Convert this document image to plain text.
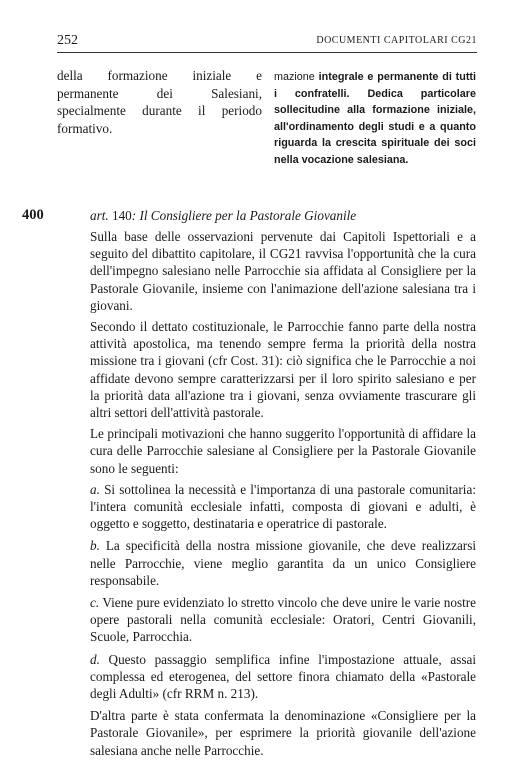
252	DOCUMENTI CAPITOLARI CG21
della formazione iniziale e permanente dei Salesiani, specialmente durante il periodo formativo.
mazione integrale e permanente di tutti i confratelli. Dedica particolare sollecitudine alla formazione iniziale, all'ordinamento degli studi e a quanto riguarda la crescita spirituale dei soci nella vocazione salesiana.
400	art. 140: Il Consigliere per la Pastorale Giovanile

Sulla base delle osservazioni pervenute dai Capitoli Ispettoriali e a seguito del dibattito capitolare, il CG21 ravvisa l'opportunità che la cura dell'impegno salesiano nelle Parrocchie sia affidata al Consigliere per la Pastorale Giovanile, insieme con l'animazione dell'azione salesiana tra i giovani.

Secondo il dettato costituzionale, le Parrocchie fanno parte della nostra attività apostolica, ma tenendo sempre ferma la priorità della nostra missione tra i giovani (cfr Cost. 31): ciò significa che le Parrocchie a noi affidate devono sempre caratterizzarsi per il loro spirito salesiano e per la priorità data all'azione tra i giovani, senza ovviamente trascurare gli altri settori dell'attività pastorale.

Le principali motivazioni che hanno suggerito l'opportunità di affidare la cura delle Parrocchie salesiane al Consigliere per la Pastorale Giovanile sono le seguenti:

a. Si sottolinea la necessità e l'importanza di una pastorale comunitaria: l'intera comunità ecclesiale infatti, composta di giovani e adulti, è oggetto e soggetto, destinataria e operatrice di pastorale.

b. La specificità della nostra missione giovanile, che deve realizzarsi nelle Parrocchie, viene meglio garantita da un unico Consigliere responsabile.

c. Viene pure evidenziato lo stretto vincolo che deve unire le varie nostre opere pastorali nella comunità ecclesiale: Oratori, Centri Giovanili, Scuole, Parrocchia.

d. Questo passaggio semplifica infine l'impostazione attuale, assai complessa ed eterogenea, del settore finora chiamato della «Pastorale degli Adulti» (cfr RRM n. 213).

D'altra parte è stata confermata la denominazione «Consigliere per la Pastorale Giovanile», per esprimere la priorità giovanile dell'azione salesiana anche nelle Parrocchie.
